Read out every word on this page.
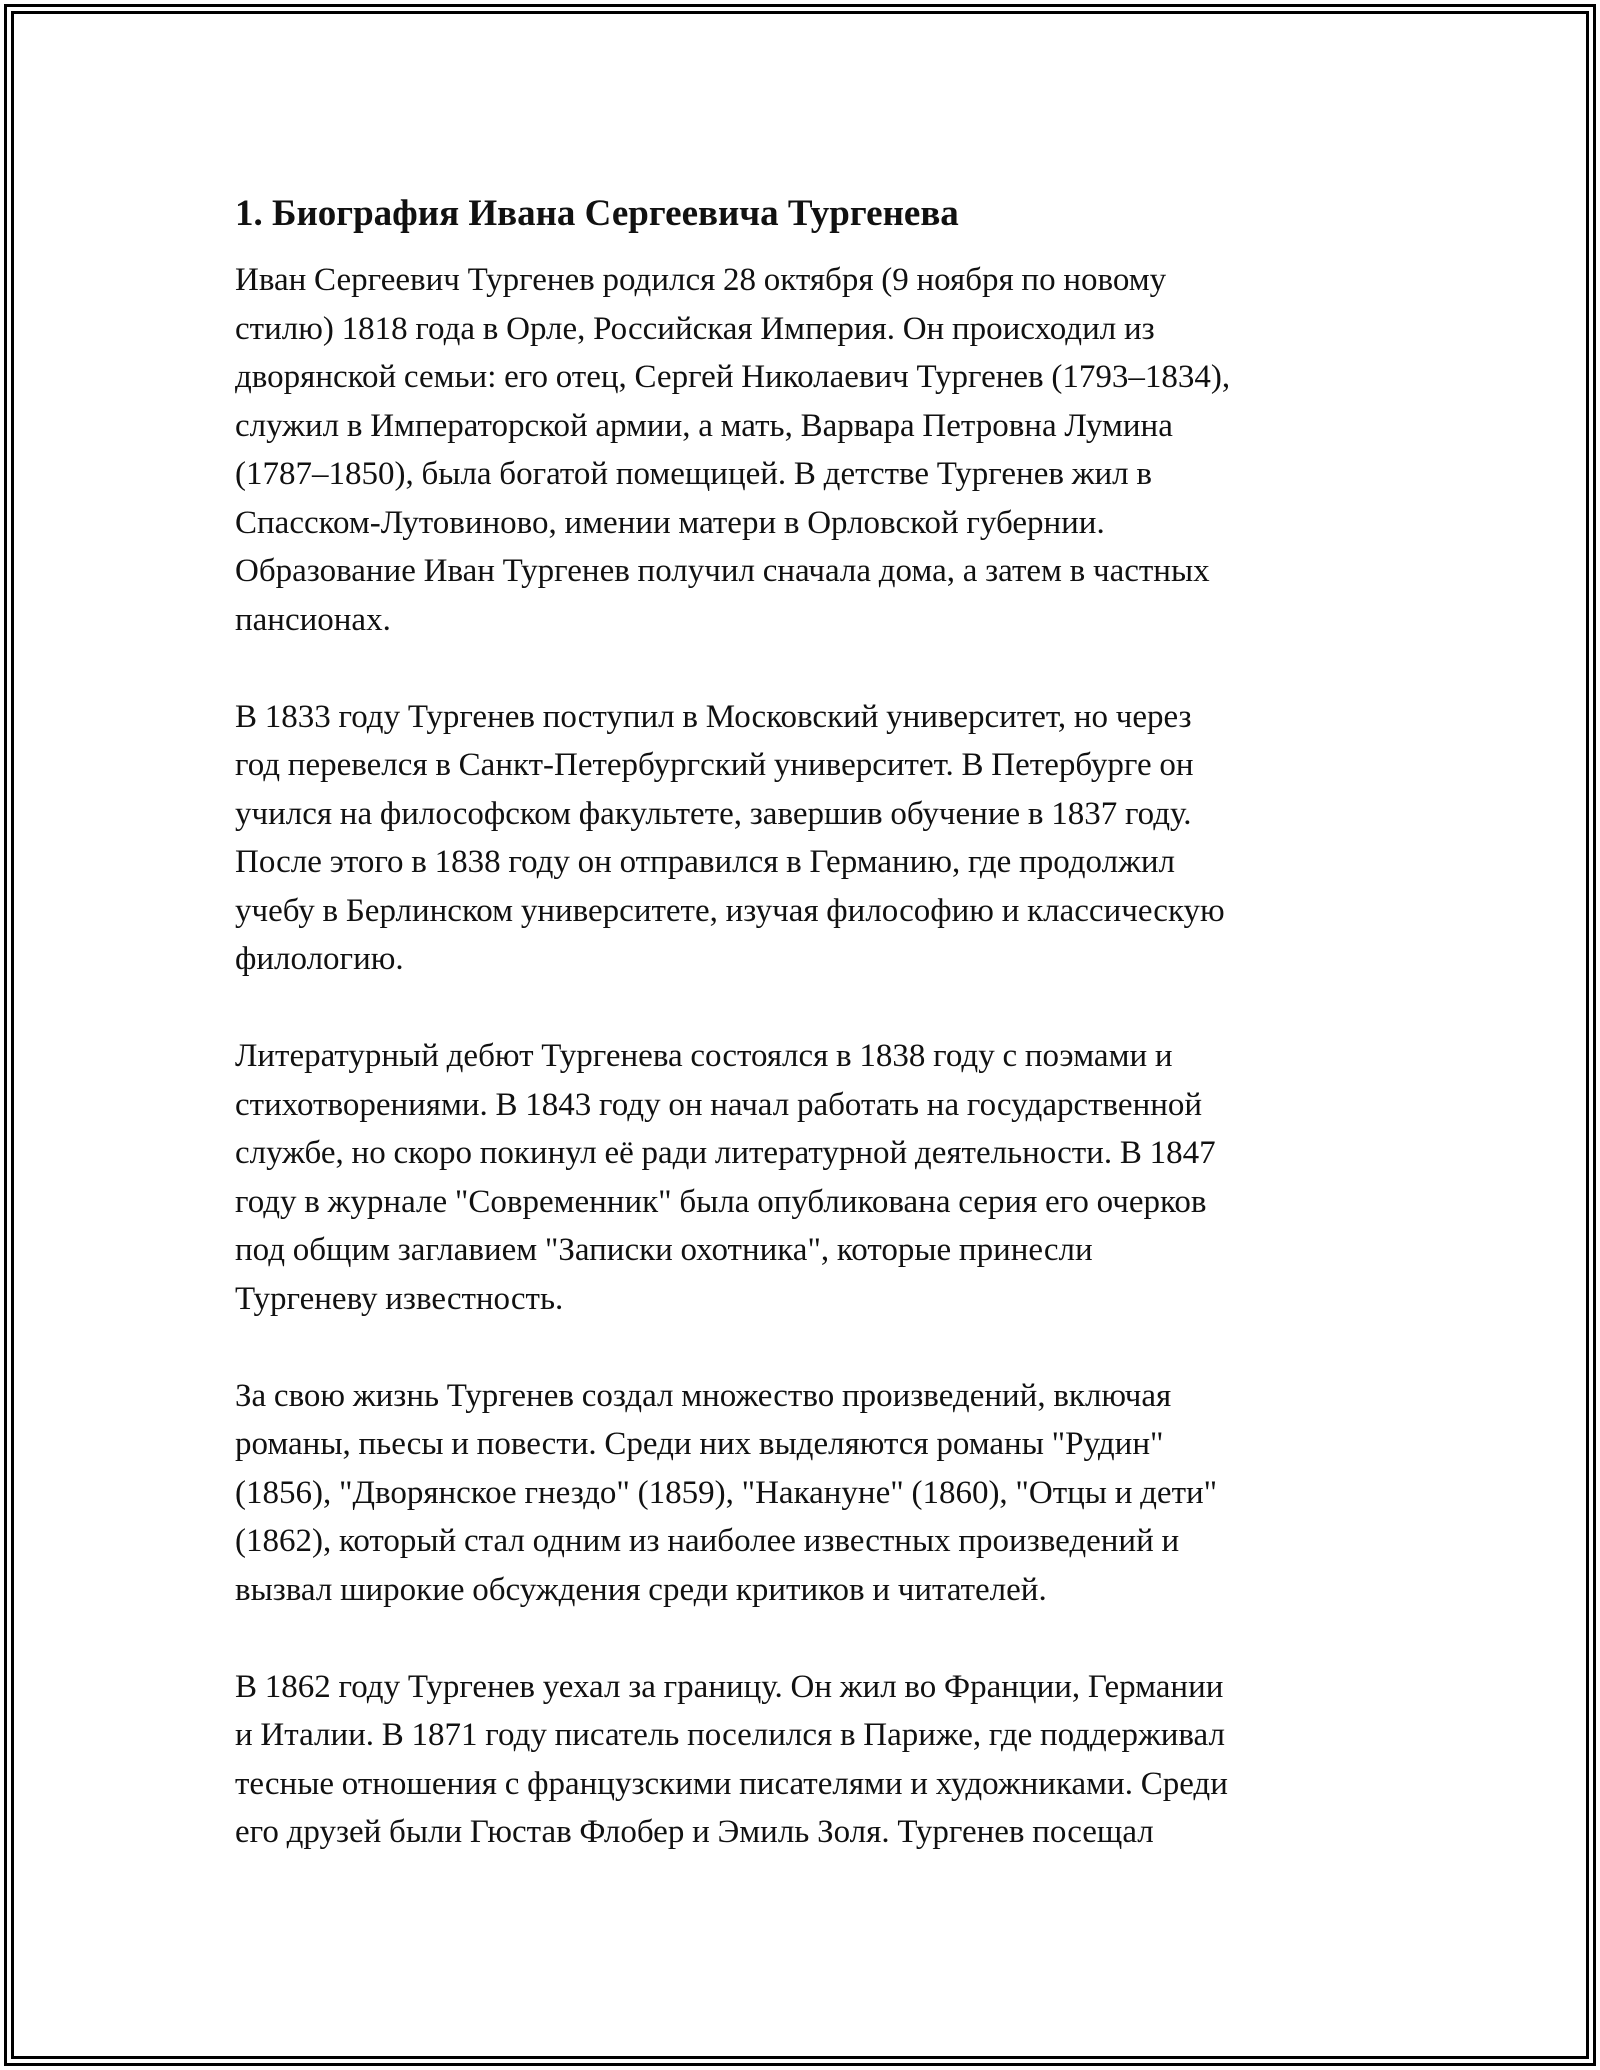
1. Биография Ивана Сергеевича Тургенева

Иван Сергеевич Тургенев родился 28 октября (9 ноября по новому
стилю) 1818 года в Орле, Российская Империя. Он происходил из
дворянской семьи: его отец, Сергей Николаевич Тургенев (1793–1834),
служил в Императорской армии, а мать, Варвара Петровна Лумина
(1787–1850), была богатой помещицей. В детстве Тургенев жил в
Спасском-Лутовиново, имении матери в Орловской губернии.
Образование Иван Тургенев получил сначала дома, а затем в частных
пансионах.

В 1833 году Тургенев поступил в Московский университет, но через
год перевелся в Санкт-Петербургский университет. В Петербурге он
учился на философском факультете, завершив обучение в 1837 году.
После этого в 1838 году он отправился в Германию, где продолжил
учебу в Берлинском университете, изучая философию и классическую
филологию.

Литературный дебют Тургенева состоялся в 1838 году с поэмами и
стихотворениями. В 1843 году он начал работать на государственной
службе, но скоро покинул её ради литературной деятельности. В 1847
году в журнале "Современник" была опубликована серия его очерков
под общим заглавием "Записки охотника", которые принесли
Тургеневу известность.

За свою жизнь Тургенев создал множество произведений, включая
романы, пьесы и повести. Среди них выделяются романы "Рудин"
(1856), "Дворянское гнездо" (1859), "Накануне" (1860), "Отцы и дети"
(1862), который стал одним из наиболее известных произведений и
вызвал широкие обсуждения среди критиков и читателей.

В 1862 году Тургенев уехал за границу. Он жил во Франции, Германии
и Италии. В 1871 году писатель поселился в Париже, где поддерживал
тесные отношения с французскими писателями и художниками. Среди
его друзей были Гюстав Флобер и Эмиль Золя. Тургенев посещал
